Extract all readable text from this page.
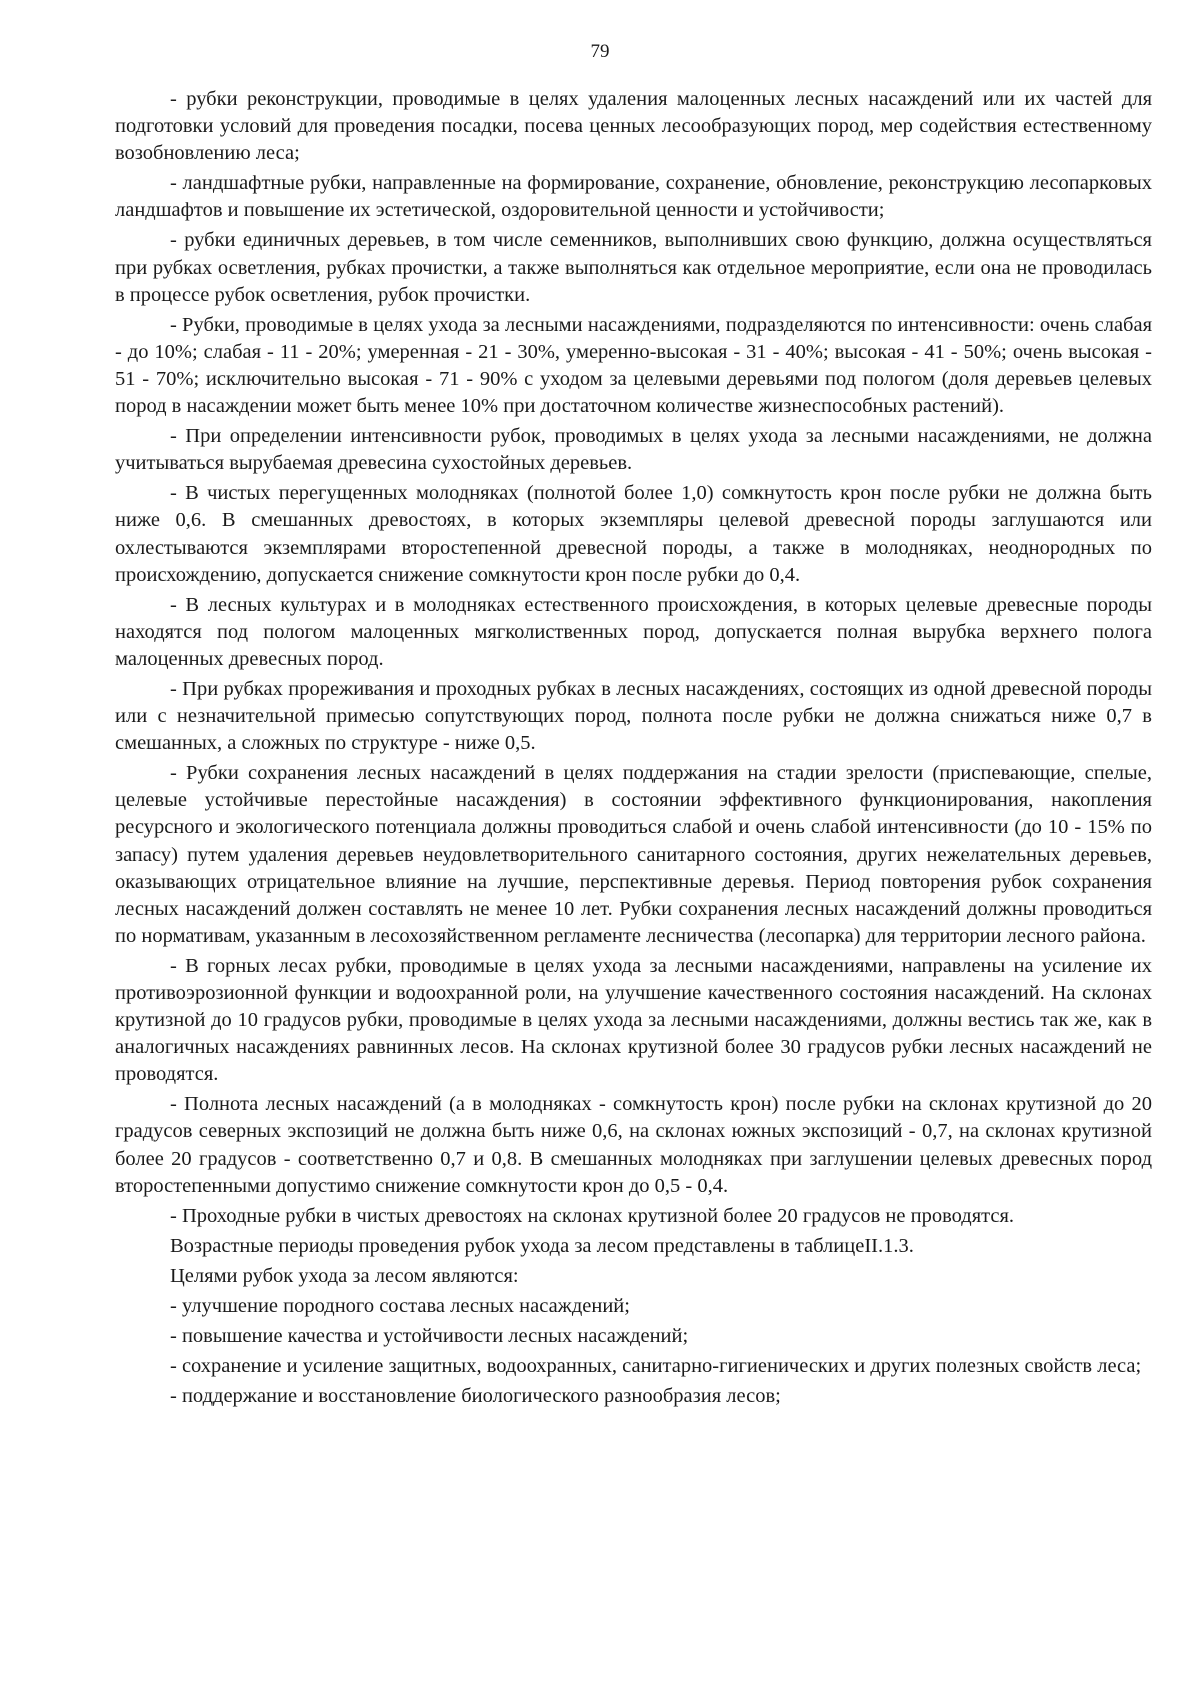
79

- рубки реконструкции, проводимые в целях удаления малоценных лесных насаждений или их частей для подготовки условий для проведения посадки, посева ценных лесообразующих пород, мер содействия естественному возобновлению леса;

- ландшафтные рубки, направленные на формирование, сохранение, обновление, реконструкцию лесопарковых ландшафтов и повышение их эстетической, оздоровительной ценности и устойчивости;

- рубки единичных деревьев, в том числе семенников, выполнивших свою функцию, должна осуществляться при рубках осветления, рубках прочистки, а также выполняться как отдельное мероприятие, если она не проводилась в процессе рубок осветления, рубок прочистки.

- Рубки, проводимые в целях ухода за лесными насаждениями, подразделяются по интенсивности: очень слабая - до 10%; слабая - 11 - 20%; умеренная - 21 - 30%, умеренно-высокая - 31 - 40%; высокая - 41 - 50%; очень высокая - 51 - 70%; исключительно высокая - 71 - 90% с уходом за целевыми деревьями под пологом (доля деревьев целевых пород в насаждении может быть менее 10% при достаточном количестве жизнеспособных растений).

- При определении интенсивности рубок, проводимых в целях ухода за лесными насаждениями, не должна учитываться вырубаемая древесина сухостойных деревьев.

- В чистых перегущенных молодняках (полнотой более 1,0) сомкнутость крон после рубки не должна быть ниже 0,6. В смешанных древостоях, в которых экземпляры целевой древесной породы заглушаются или охлестываются экземплярами второстепенной древесной породы, а также в молодняках, неоднородных по происхождению, допускается снижение сомкнутости крон после рубки до 0,4.

- В лесных культурах и в молодняках естественного происхождения, в которых целевые древесные породы находятся под пологом малоценных мягколиственных пород, допускается полная вырубка верхнего полога малоценных древесных пород.

- При рубках прореживания и проходных рубках в лесных насаждениях, состоящих из одной древесной породы или с незначительной примесью сопутствующих пород, полнота после рубки не должна снижаться ниже 0,7 в смешанных, а сложных по структуре - ниже 0,5.

- Рубки сохранения лесных насаждений в целях поддержания на стадии зрелости (приспевающие, спелые, целевые устойчивые перестойные насаждения) в состоянии эффективного функционирования, накопления ресурсного и экологического потенциала должны проводиться слабой и очень слабой интенсивности (до 10 - 15% по запасу) путем удаления деревьев неудовлетворительного санитарного состояния, других нежелательных деревьев, оказывающих отрицательное влияние на лучшие, перспективные деревья. Период повторения рубок сохранения лесных насаждений должен составлять не менее 10 лет. Рубки сохранения лесных насаждений должны проводиться по нормативам, указанным в лесохозяйственном регламенте лесничества (лесопарка) для территории лесного района.

- В горных лесах рубки, проводимые в целях ухода за лесными насаждениями, направлены на усиление их противоэрозионной функции и водоохранной роли, на улучшение качественного состояния насаждений. На склонах крутизной до 10 градусов рубки, проводимые в целях ухода за лесными насаждениями, должны вестись так же, как в аналогичных насаждениях равнинных лесов. На склонах крутизной более 30 градусов рубки лесных насаждений не проводятся.

- Полнота лесных насаждений (а в молодняках - сомкнутость крон) после рубки на склонах крутизной до 20 градусов северных экспозиций не должна быть ниже 0,6, на склонах южных экспозиций - 0,7, на склонах крутизной более 20 градусов - соответственно 0,7 и 0,8. В смешанных молодняках при заглушении целевых древесных пород второстепенными допустимо снижение сомкнутости крон до 0,5 - 0,4.

- Проходные рубки в чистых древостоях на склонах крутизной более 20 градусов не проводятся.

Возрастные периоды проведения рубок ухода за лесом представлены в таблицеII.1.3.

Целями рубок ухода за лесом являются:

- улучшение породного состава лесных насаждений;

- повышение качества и устойчивости лесных насаждений;

- сохранение и усиление защитных, водоохранных, санитарно-гигиенических и других полезных свойств леса;

- поддержание и восстановление биологического разнообразия лесов;
